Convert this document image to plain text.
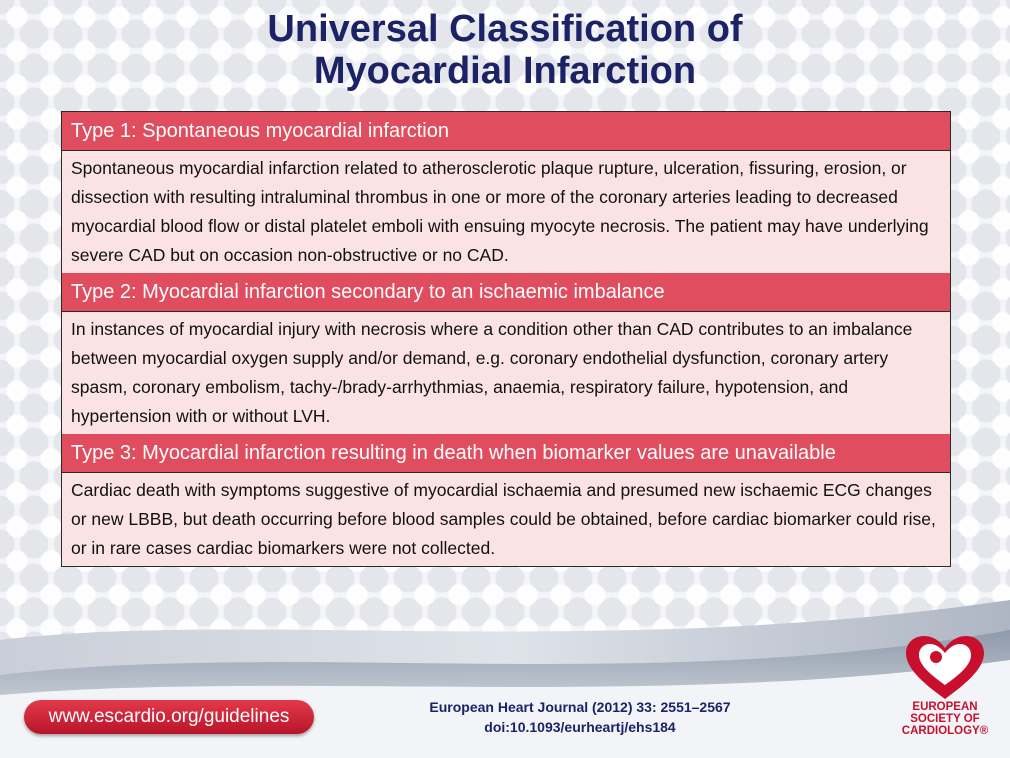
Universal Classification of
Myocardial Infarction
Type 1: Spontaneous myocardial infarction
Spontaneous myocardial infarction related to atherosclerotic plaque rupture, ulceration, fissuring, erosion, or dissection with resulting intraluminal thrombus in one or more of the coronary arteries leading to decreased myocardial blood flow or distal platelet emboli with ensuing myocyte necrosis. The patient may have underlying severe CAD but on occasion non-obstructive or no CAD.
Type 2: Myocardial infarction secondary to an ischaemic imbalance
In instances of myocardial injury with necrosis where a condition other than CAD contributes to an imbalance between myocardial oxygen supply and/or demand, e.g. coronary endothelial dysfunction, coronary artery spasm, coronary embolism, tachy-/brady-arrhythmias, anaemia, respiratory failure, hypotension, and hypertension with or without LVH.
Type 3: Myocardial infarction resulting in death when biomarker values are unavailable
Cardiac death with symptoms suggestive of myocardial ischaemia and presumed new ischaemic ECG changes or new LBBB, but death occurring before blood samples could be obtained, before cardiac biomarker could rise, or in rare cases cardiac biomarkers were not collected.
www.escardio.org/guidelines	European Heart Journal (2012) 33: 2551–2567
doi:10.1093/eurheartj/ehs184
EUROPEAN
SOCIETY OF
CARDIOLOGY®
